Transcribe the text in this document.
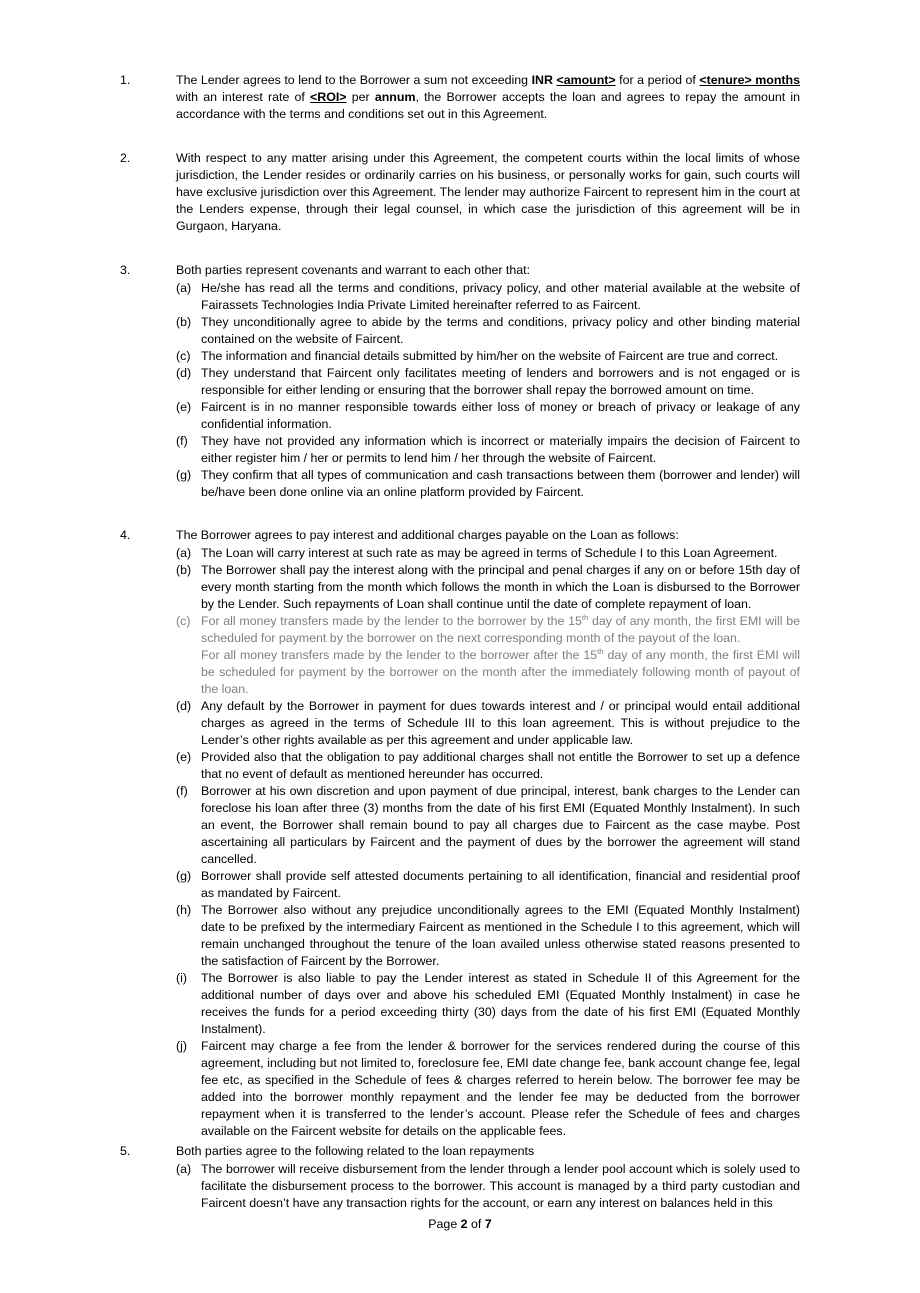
1.	The Lender agrees to lend to the Borrower a sum not exceeding INR <amount> for a period of <tenure> months with an interest rate of <ROI> per annum, the Borrower accepts the loan and agrees to repay the amount in accordance with the terms and conditions set out in this Agreement.
2.	With respect to any matter arising under this Agreement, the competent courts within the local limits of whose jurisdiction, the Lender resides or ordinarily carries on his business, or personally works for gain, such courts will have exclusive jurisdiction over this Agreement. The lender may authorize Faircent to represent him in the court at the Lenders expense, through their legal counsel, in which case the jurisdiction of this agreement will be in Gurgaon, Haryana.
3.	Both parties represent covenants and warrant to each other that:
(a) He/she has read all the terms and conditions, privacy policy, and other material available at the website of Fairassets Technologies India Private Limited hereinafter referred to as Faircent.
(b) They unconditionally agree to abide by the terms and conditions, privacy policy and other binding material contained on the website of Faircent.
(c) The information and financial details submitted by him/her on the website of Faircent are true and correct.
(d) They understand that Faircent only facilitates meeting of lenders and borrowers and is not engaged or is responsible for either lending or ensuring that the borrower shall repay the borrowed amount on time.
(e) Faircent is in no manner responsible towards either loss of money or breach of privacy or leakage of any confidential information.
(f)	They have not provided any information which is incorrect or materially impairs the decision of Faircent to either register him / her or permits to lend him / her through the website of Faircent.
(g) They confirm that all types of communication and cash transactions between them (borrower and lender) will be/have been done online via an online platform provided by Faircent.
4.	The Borrower agrees to pay interest and additional charges payable on the Loan as follows:
(a) The Loan will carry interest at such rate as may be agreed in terms of Schedule I to this Loan Agreement.
(b) The Borrower shall pay the interest along with the principal and penal charges if any on or before 15th day of every month starting from the month which follows the month in which the Loan is disbursed to the Borrower by the Lender. Such repayments of Loan shall continue until the date of complete repayment of loan.
(c) For all money transfers made by the lender to the borrower by the 15th day of any month, the first EMI will be scheduled for payment by the borrower on the next corresponding month of the payout of the loan.
For all money transfers made by the lender to the borrower after the 15th day of any month, the first EMI will be scheduled for payment by the borrower on the month after the immediately following month of payout of the loan.
(d) Any default by the Borrower in payment for dues towards interest and / or principal would entail additional charges as agreed in the terms of Schedule III to this loan agreement. This is without prejudice to the Lender’s other rights available as per this agreement and under applicable law.
(e) Provided also that the obligation to pay additional charges shall not entitle the Borrower to set up a defence that no event of default as mentioned hereunder has occurred.
(f)	Borrower at his own discretion and upon payment of due principal, interest, bank charges to the Lender can foreclose his loan after three (3) months from the date of his first EMI (Equated Monthly Instalment). In such an event, the Borrower shall remain bound to pay all charges due to Faircent as the case maybe. Post ascertaining all particulars by Faircent and the payment of dues by the borrower the agreement will stand cancelled.
(g) Borrower shall provide self attested documents pertaining to all identification, financial and residential proof as mandated by Faircent.
(h) The Borrower also without any prejudice unconditionally agrees to the EMI (Equated Monthly Instalment) date to be prefixed by the intermediary Faircent as mentioned in the Schedule I to this agreement, which will remain unchanged throughout the tenure of the loan availed unless otherwise stated reasons presented to the satisfaction of Faircent by the Borrower.
(i)	The Borrower is also liable to pay the Lender interest as stated in Schedule II of this Agreement for the additional number of days over and above his scheduled EMI (Equated Monthly Instalment) in case he receives the funds for a period exceeding thirty (30) days from the date of his first EMI (Equated Monthly Instalment).
(j)	Faircent may charge a fee from the lender & borrower for the services rendered during the course of this agreement, including but not limited to, foreclosure fee, EMI date change fee, bank account change fee, legal fee etc, as specified in the Schedule of fees & charges referred to herein below. The borrower fee may be added into the borrower monthly repayment and the lender fee may be deducted from the borrower repayment when it is transferred to the lender’s account. Please refer the Schedule of fees and charges available on the Faircent website for details on the applicable fees.
5.	Both parties agree to the following related to the loan repayments
(a) The borrower will receive disbursement from the lender through a lender pool account which is solely used to facilitate the disbursement process to the borrower. This account is managed by a third party custodian and Faircent doesn’t have any transaction rights for the account, or earn any interest on balances held in this
Page 2 of 7
